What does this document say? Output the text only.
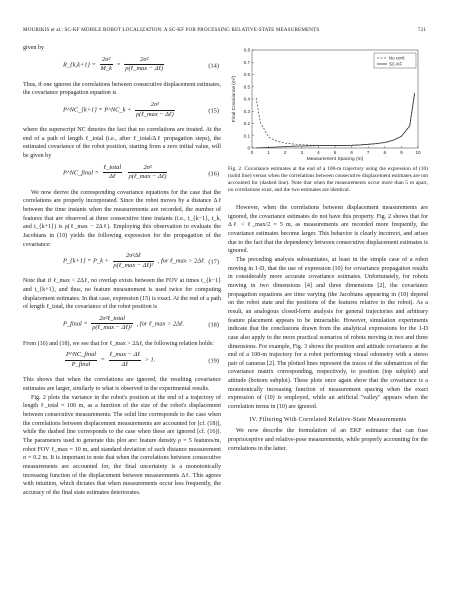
MOURIKIS et al.: SC-KF MOBILE ROBOT LOCALIZATION: A SC-KF FOR PROCESSING RELATIVE-STATE MEASUREMENTS	721

given by

R_{k,k+1} = $\frac{\text{2σ²}}{M\_k} = \frac{\text{2σ²}}{\text{ρ(ℓ\_max − Δℓ)}}$	(14)

Thus, if one ignores the correlations between consecutive displacement estimates, the covariance propagation equation is

P^NC_{k+1} = P^NC_k + $\frac{\text{2σ²}}{\text{ρ(ℓ\_max − Δℓ)}}$	(15)

where the superscript NC denotes the fact that no correlations are treated. At the end of a path of length ℓ_total (i.e., after ℓ_total/Δℓ propagation steps), the estimated covariance of the robot position, starting from a zero initial value, will be given by

P^NC_final = $\frac{\text{ℓ\_total}}{\text{Δℓ}}$
$\frac{\text{2σ²}}{\text{ρ(ℓ\_max − Δℓ)}}$	(16)

We now derive the corresponding covariance equations for the case that the correlations are properly incorporated. Since the robot moves by a distance Δℓ between the time instants when the measurements are recorded, the number of features that are observed at three consecutive time instants (i.e., t_{k−1}, t_k, and t_{k+1}) is ρ(ℓ_max − 2Δℓ). Employing this observation to evaluate the Jacobians in (10) yields the following expression for the propagation of the covariance:

P_{k+1} = P_k + $\frac{\text{2σ²Δℓ}}{\text{ρ(ℓ\_max − Δℓ)²}}$ , for ℓ_max > 2Δℓ. (17)

Note that if ℓ_max < 2Δℓ, no overlap exists between the FOV at times t_{k−1} and t_{k+1}, and thus, no feature measurement is used twice for computing displacement estimates. In that case, expression (15) is exact. At the end of a path of length ℓ_total, the covariance of the robot position is

P_final = $\frac{\text{2σ²ℓ\_total}}{\text{ρ(ℓ\_max − Δℓ)²}}$ , for ℓ_max > 2Δℓ.	(18)

From (16) and (18), we see that for ℓ_max > 2Δℓ, the following relation holds:

$\frac{\text{P\textasciicircum{}NC\_final}}{\text{P\_final}} = \frac{\text{ℓ\_max − Δℓ}}{\text{Δℓ}} > 1$.	(19)

This shows that when the correlations are ignored, the resulting covariance estimates are larger, similarly to what is observed in the experimental results.

Fig. 2 plots the variance in the robot's position at the end of a trajectory of length ℓ_total = 100 m, as a function of the size of the robot's displacement between consecutive measurements. The solid line corresponds to the case when the correlations between displacement measurements are accounted for [cf. (18)], while the dashed line corresponds to the case when these are ignored [cf. (16)]. The parameters used to generate this plot are: feature density ρ = 5 features/m, robot FOV ℓ_max = 10 m, and standard deviation of each distance measurement σ = 0.2 m. It is important to note that when the correlations between consecutive measurements are accounted for, the final uncertainty is a monotonically increasing function of the displacement between measurements Δℓ. This agrees with intuition, which dictates that when measurements occur less frequently, the accuracy of the final state estimates deteriorates.

0	1	2	3	4	5	6	7	8	9	10
0
0.1
0.2
0.3
0.4
0.5
0.6
0.7
0.8
Measurement Spacing (m)
Final Covariance (m²)
No corrl.
SC-KF
Fig. 2. Covariance estimates at the end of a 100-m trajectory using the expression of (10) (solid line) versus when the correlations between consecutive displacement estimates are not accounted for (dashed line). Note that when the measurements occur more than 5 m apart, no correlations exist, and the two estimates are identical.

However, when the correlations between displacement measurements are ignored, the covariance estimates do not have this property. Fig. 2 shows that for Δℓ < ℓ_max/2 = 5 m, as measurements are recorded more frequently, the covariance estimates become larger. This behavior is clearly incorrect, and arises due to the fact that the dependency between consecutive displacement estimates is ignored.

The preceding analysis substantiates, at least in the simple case of a robot moving in 1-D, that the use of expression (10) for covariance propagation results in considerably more accurate covariance estimates. Unfortunately, for robots moving in two dimensions [4] and three dimensions [2], the covariance propagation equations are time varying (the Jacobians appearing in (10) depend on the robot state and the positions of the features relative to the robot). As a result, an analogous closed-form analysis for general trajectories and arbitrary feature placement appears to be intractable. However, simulation experiments indicate that the conclusions drawn from the analytical expressions for the 1-D case also apply to the more practical scenarios of robots moving in two and three dimensions. For example, Fig. 3 shows the position and attitude covariance at the end of a 100-m trajectory for a robot performing visual odometry with a stereo pair of cameras [2]. The plotted lines represent the traces of the submatrices of the covariance matrix corresponding, respectively, to position (top subplot) and attitude (bottom subplot). These plots once again show that the covariance is a monotonically increasing function of measurement spacing when the exact expression of (10) is employed, while an artificial "valley" appears when the correlation terms in (10) are ignored.

IV. Filtering With Correlated Relative-State Measurements

We now describe the formulation of an EKF estimator that can fuse proprioceptive and relative-pose measurements, while properly accounting for the correlations in the latter.
